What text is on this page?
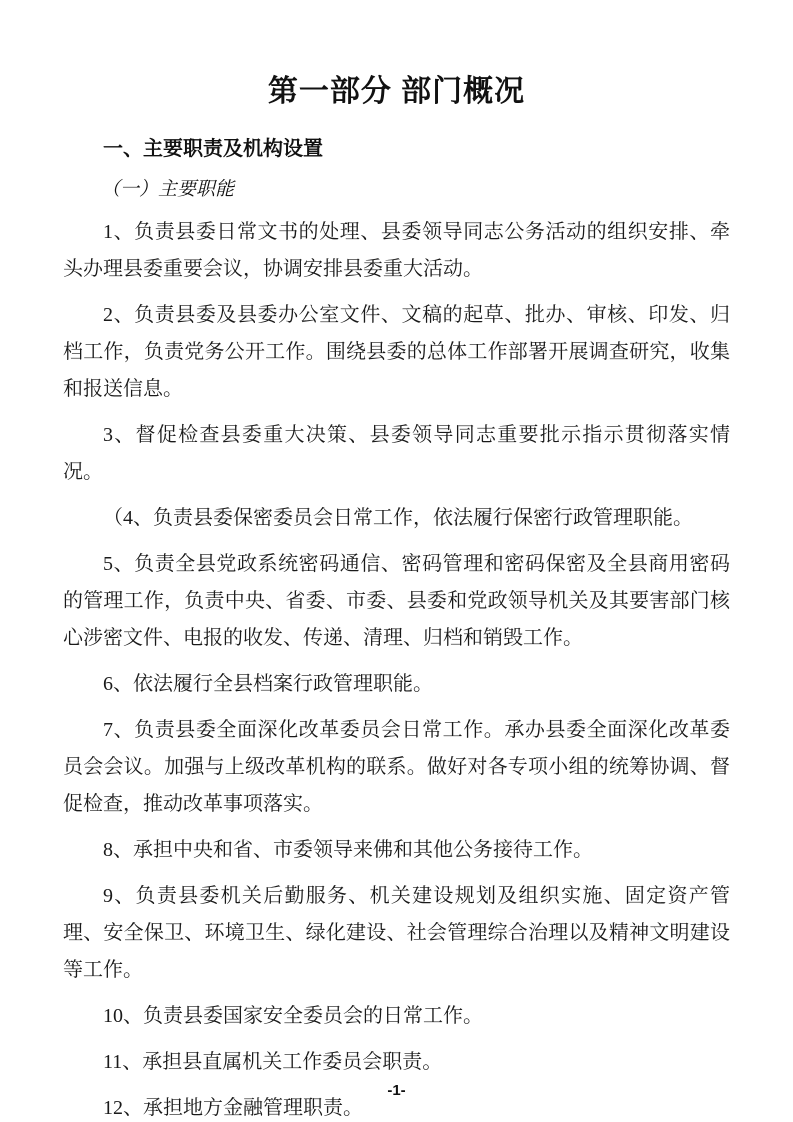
第一部分 部门概况
一、主要职责及机构设置
（一）主要职能

1、负责县委日常文书的处理、县委领导同志公务活动的组织安排、牵头办理县委重要会议，协调安排县委重大活动。

2、负责县委及县委办公室文件、文稿的起草、批办、审核、印发、归档工作，负责党务公开工作。围绕县委的总体工作部署开展调查研究，收集和报送信息。

3、督促检查县委重大决策、县委领导同志重要批示指示贯彻落实情况。

（4、负责县委保密委员会日常工作，依法履行保密行政管理职能。

5、负责全县党政系统密码通信、密码管理和密码保密及全县商用密码的管理工作，负责中央、省委、市委、县委和党政领导机关及其要害部门核心涉密文件、电报的收发、传递、清理、归档和销毁工作。

6、依法履行全县档案行政管理职能。

7、负责县委全面深化改革委员会日常工作。承办县委全面深化改革委员会会议。加强与上级改革机构的联系。做好对各专项小组的统筹协调、督促检查，推动改革事项落实。

8、承担中央和省、市委领导来佛和其他公务接待工作。

9、负责县委机关后勤服务、机关建设规划及组织实施、固定资产管理、安全保卫、环境卫生、绿化建设、社会管理综合治理以及精神文明建设等工作。

10、负责县委国家安全委员会的日常工作。

11、承担县直属机关工作委员会职责。

12、承担地方金融管理职责。

-1-
